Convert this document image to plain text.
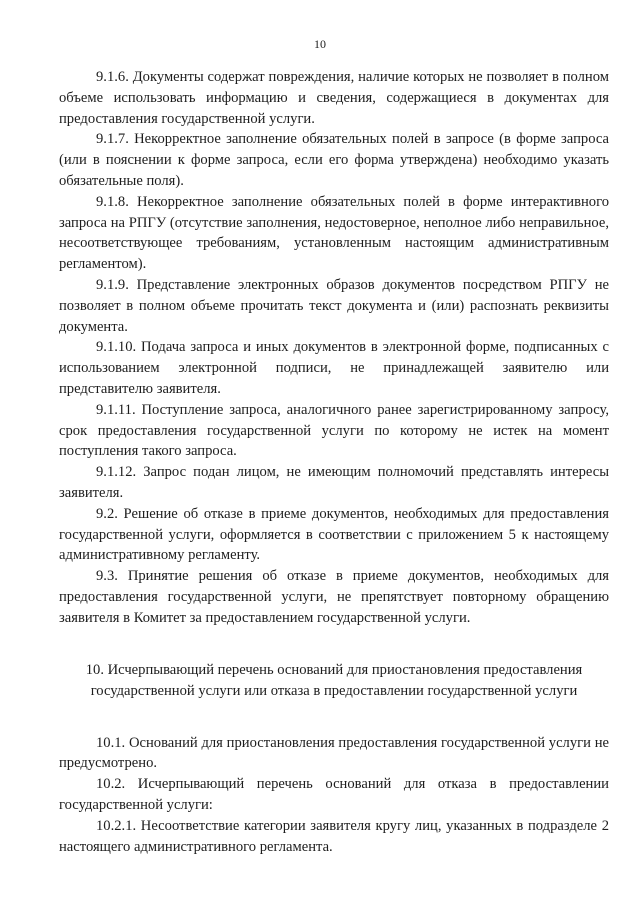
10

9.1.6. Документы содержат повреждения, наличие которых не позволяет в полном объеме использовать информацию и сведения, содержащиеся в документах для предоставления государственной услуги.

9.1.7. Некорректное заполнение обязательных полей в запросе (в форме запроса (или в пояснении к форме запроса, если его форма утверждена) необходимо указать обязательные поля).

9.1.8. Некорректное заполнение обязательных полей в форме интерактивного запроса на РПГУ (отсутствие заполнения, недостоверное, неполное либо неправильное, несоответствующее требованиям, установленным настоящим административным регламентом).

9.1.9. Представление электронных образов документов посредством РПГУ не позволяет в полном объеме прочитать текст документа и (или) распознать реквизиты документа.

9.1.10. Подача запроса и иных документов в электронной форме, подписанных с использованием электронной подписи, не принадлежащей заявителю или представителю заявителя.

9.1.11. Поступление запроса, аналогичного ранее зарегистрированному запросу, срок предоставления государственной услуги по которому не истек на момент поступления такого запроса.

9.1.12. Запрос подан лицом, не имеющим полномочий представлять интересы заявителя.

9.2. Решение об отказе в приеме документов, необходимых для предоставления государственной услуги, оформляется в соответствии с приложением 5 к настоящему административному регламенту.

9.3. Принятие решения об отказе в приеме документов, необходимых для предоставления государственной услуги, не препятствует повторному обращению заявителя в Комитет за предоставлением государственной услуги.

10. Исчерпывающий перечень оснований для приостановления предоставления
государственной услуги или отказа в предоставлении государственной услуги

10.1. Оснований для приостановления предоставления государственной услуги не предусмотрено.

10.2. Исчерпывающий перечень оснований для отказа в предоставлении государственной услуги:

10.2.1. Несоответствие категории заявителя кругу лиц, указанных в подразделе 2 настоящего административного регламента.
